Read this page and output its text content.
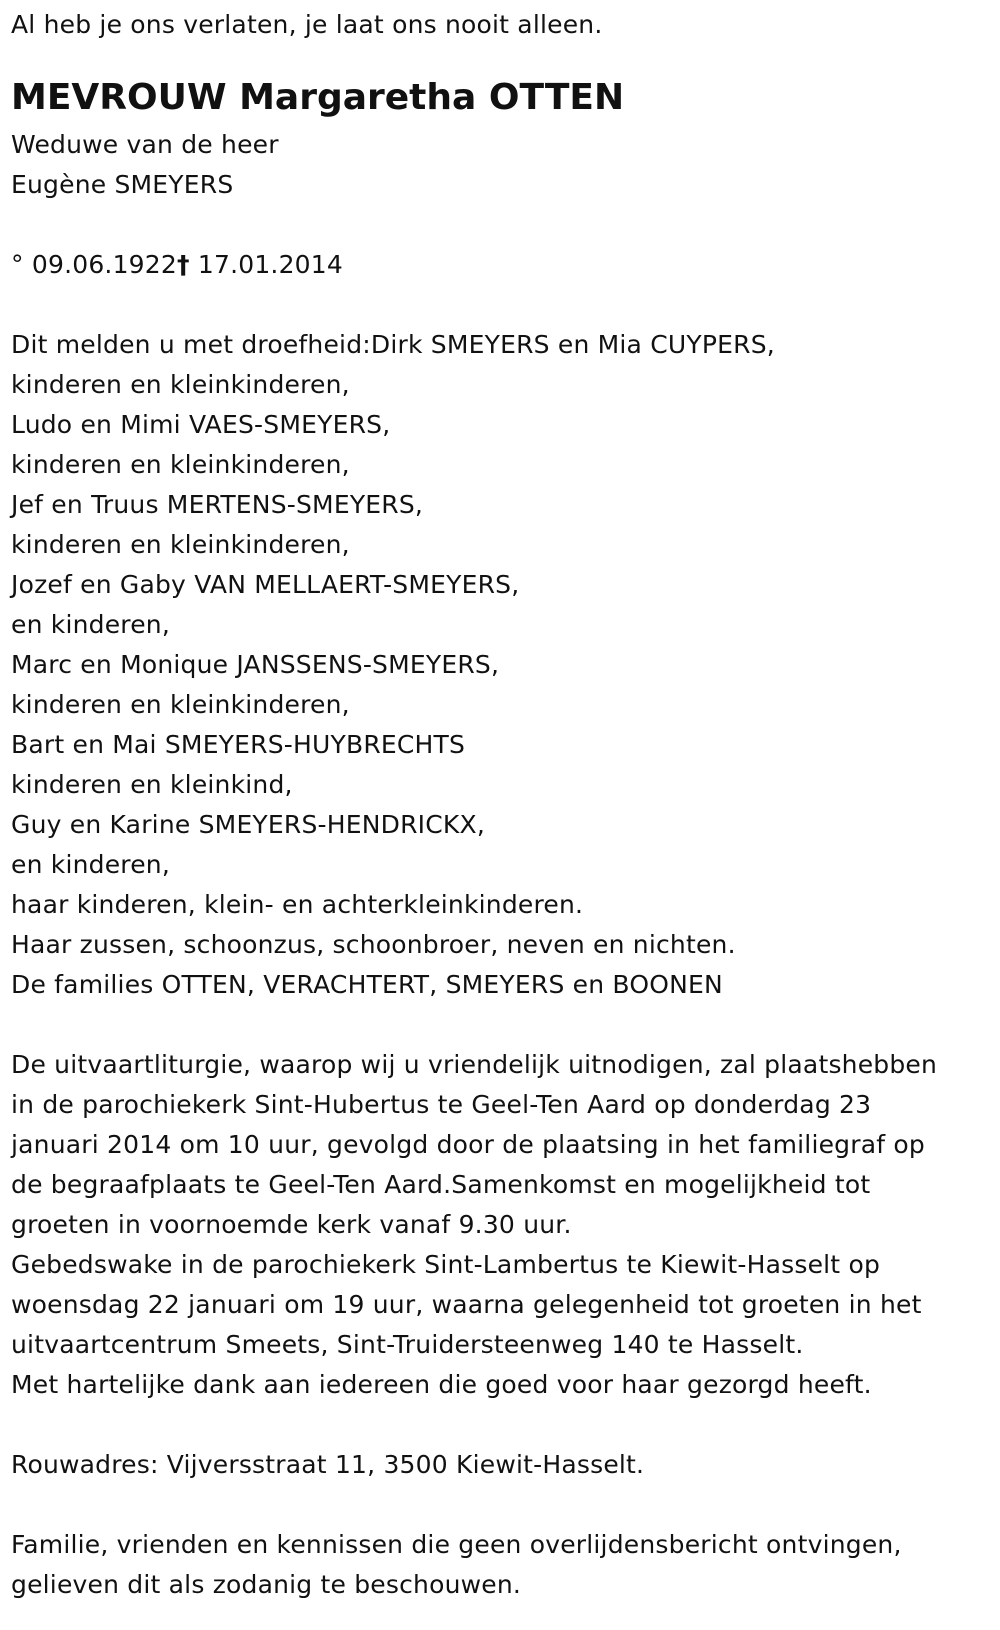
Al heb je ons verlaten, je laat ons nooit alleen.
MEVROUW Margaretha OTTEN
Weduwe van de heer
Eugène SMEYERS
° 09.06.1922† 17.01.2014
Dit melden u met droefheid:Dirk SMEYERS en Mia CUYPERS,
kinderen en kleinkinderen,
Ludo en Mimi VAES-SMEYERS,
kinderen en kleinkinderen,
Jef en Truus MERTENS-SMEYERS,
kinderen en kleinkinderen,
Jozef en Gaby VAN MELLAERT-SMEYERS,
en kinderen,
Marc en Monique JANSSENS-SMEYERS,
kinderen en kleinkinderen,
Bart en Mai SMEYERS-HUYBRECHTS
kinderen en kleinkind,
Guy en Karine SMEYERS-HENDRICKX,
en kinderen,
haar kinderen, klein- en achterkleinkinderen.
Haar zussen, schoonzus, schoonbroer, neven en nichten.
De families OTTEN, VERACHTERT, SMEYERS en BOONEN
De uitvaartliturgie, waarop wij u vriendelijk uitnodigen, zal plaatshebben
in de parochiekerk Sint-Hubertus te Geel-Ten Aard op donderdag 23
januari 2014 om 10 uur, gevolgd door de plaatsing in het familiegraf op
de begraafplaats te Geel-Ten Aard.Samenkomst en mogelijkheid tot
groeten in voornoemde kerk vanaf 9.30 uur.
Gebedswake in de parochiekerk Sint-Lambertus te Kiewit-Hasselt op
woensdag 22 januari om 19 uur, waarna gelegenheid tot groeten in het
uitvaartcentrum Smeets, Sint-Truidersteenweg 140 te Hasselt.
Met hartelijke dank aan iedereen die goed voor haar gezorgd heeft.
Rouwadres: Vijversstraat 11, 3500 Kiewit-Hasselt.
Familie, vrienden en kennissen die geen overlijdensbericht ontvingen,
gelieven dit als zodanig te beschouwen.
